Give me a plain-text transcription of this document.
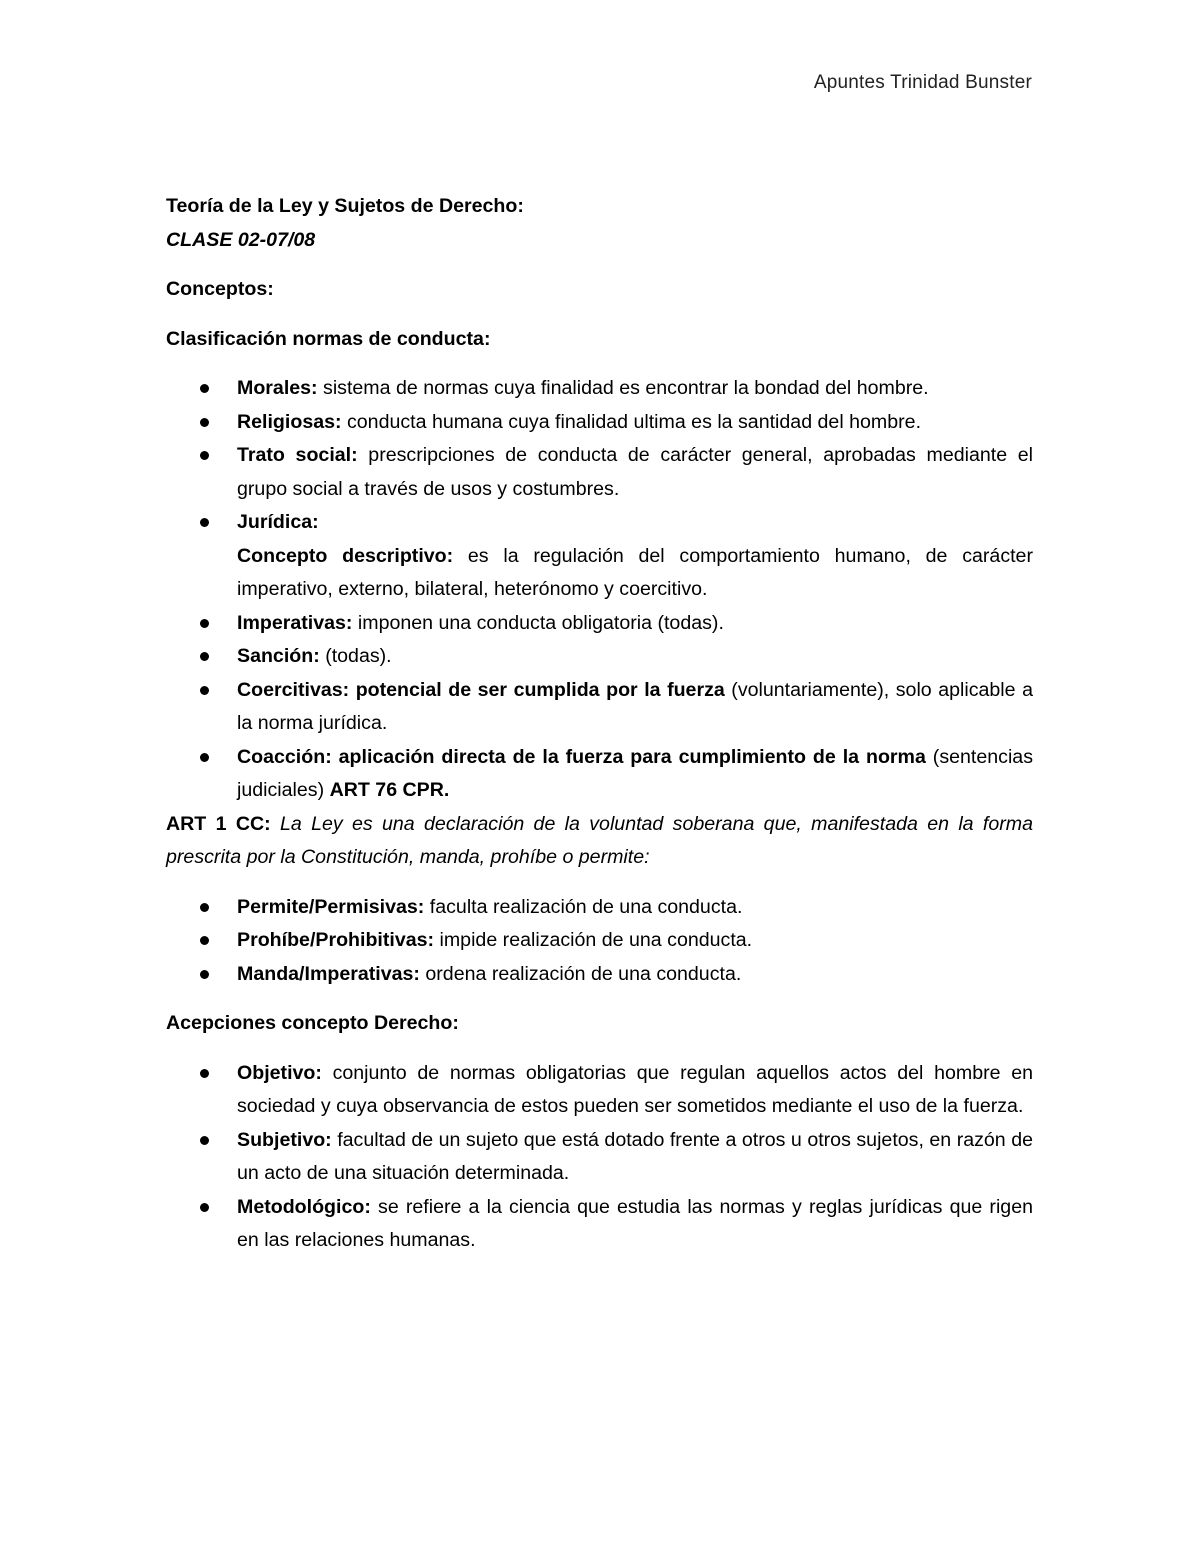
Apuntes Trinidad Bunster

Teoría de la Ley y Sujetos de Derecho:

CLASE 02-07/08

Conceptos:

Clasificación normas de conducta:

Morales: sistema de normas cuya finalidad es encontrar la bondad del hombre.
Religiosas: conducta humana cuya finalidad ultima es la santidad del hombre.
Trato social: prescripciones de conducta de carácter general, aprobadas mediante el grupo social a través de usos y costumbres.
Jurídica:
Concepto descriptivo: es la regulación del comportamiento humano, de carácter imperativo, externo, bilateral, heterónomo y coercitivo.
Imperativas: imponen una conducta obligatoria (todas).
Sanción: (todas).
Coercitivas: potencial de ser cumplida por la fuerza (voluntariamente), solo aplicable a la norma jurídica.
Coacción: aplicación directa de la fuerza para cumplimiento de la norma (sentencias judiciales) ART 76 CPR.

ART 1 CC: La Ley es una declaración de la voluntad soberana que, manifestada en la forma prescrita por la Constitución, manda, prohíbe o permite:

Permite/Permisivas: faculta realización de una conducta.
Prohíbe/Prohibitivas: impide realización de una conducta.
Manda/Imperativas: ordena realización de una conducta.

Acepciones concepto Derecho:

Objetivo: conjunto de normas obligatorias que regulan aquellos actos del hombre en sociedad y cuya observancia de estos pueden ser sometidos mediante el uso de la fuerza.
Subjetivo: facultad de un sujeto que está dotado frente a otros u otros sujetos, en razón de un acto de una situación determinada.
Metodológico: se refiere a la ciencia que estudia las normas y reglas jurídicas que rigen en las relaciones humanas.
